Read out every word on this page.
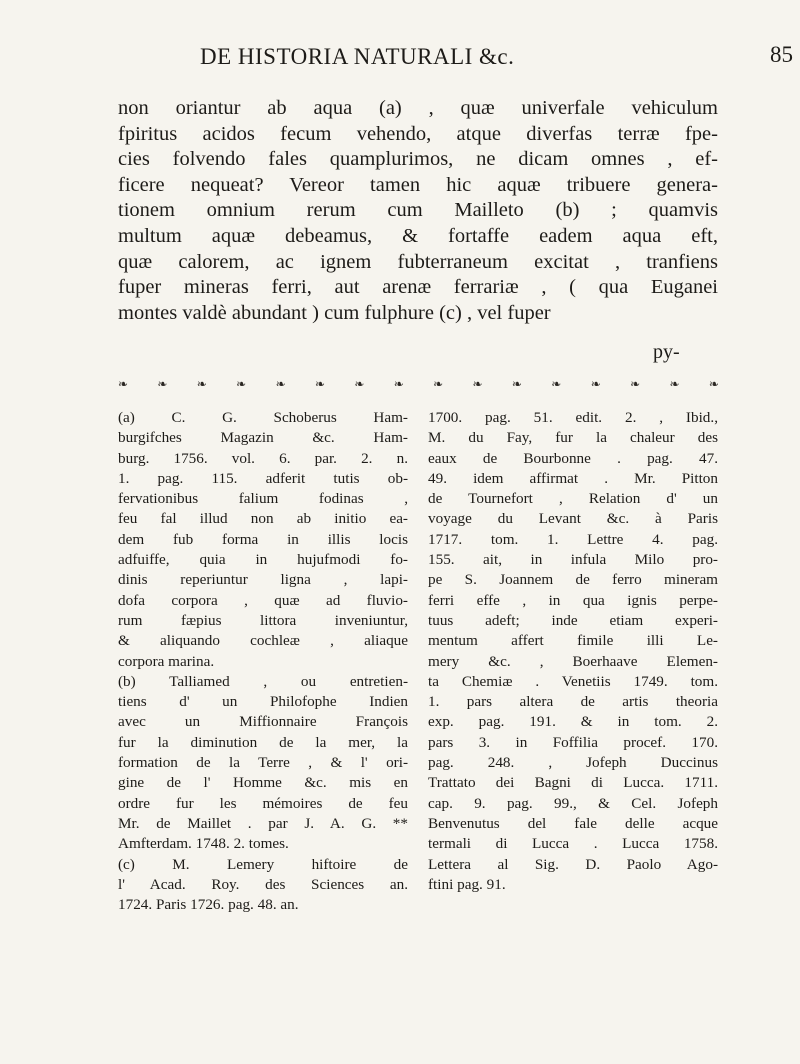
DE HISTORIA NATURALI &c.	85
non oriantur ab aqua (a) , quæ univerfale vehiculum
fpiritus acidos fecum vehendo, atque diverfas terræ fpe-
cies folvendo fales quamplurimos, ne dicam omnes , ef-
ficere nequeat? Vereor tamen hic aquæ tribuere genera-
tionem omnium rerum cum Mailleto (b) ; quamvis
multum aquæ debeamus, & fortaffe eadem aqua eft,
quæ calorem, ac ignem fubterraneum excitat , tranfiens
fuper mineras ferri, aut arenæ ferrariæ , ( qua Euganei
montes valdè abundant ) cum fulphure (c) , vel fuper
py-
❧	❧	❧	❧	❧	❧	❧	❧	❧	❧	❧	❧	❧	❧	❧	❧
(a) C. G. Schoberus Ham-
burgifches Magazin &c. Ham-
burg. 1756. vol. 6. par. 2. n.
1. pag. 115. adferit tutis ob-
fervationibus falium fodinas ,
feu fal illud non ab initio ea-
dem fub forma in illis locis
adfuiffe, quia in hujufmodi fo-
dinis reperiuntur ligna , lapi-
dofa corpora , quæ ad fluvio-
rum fæpius littora inveniuntur,
& aliquando cochleæ , aliaque
corpora marina.
(b) Talliamed , ou entretien-
tiens d' un Philofophe Indien
avec un Miffionnaire François
fur la diminution de la mer, la
formation de la Terre , & l' ori-
gine de l' Homme &c. mis en
ordre fur les mémoires de feu
Mr. de Maillet . par J. A. G. **
Amfterdam. 1748. 2. tomes.
(c) M. Lemery hiftoire de
l' Acad. Roy. des Sciences an.
1724. Paris 1726. pag. 48. an.
1700. pag. 51. edit. 2. , Ibid.,
M. du Fay, fur la chaleur des
eaux de Bourbonne . pag. 47.
49. idem affirmat . Mr. Pitton
de Tournefort , Relation d' un
voyage du Levant &c. à Paris
1717. tom. 1. Lettre 4. pag.
155. ait, in infula Milo pro-
pe S. Joannem de ferro mineram
ferri effe , in qua ignis perpe-
tuus adeft; inde etiam experi-
mentum affert fimile illi Le-
mery &c. , Boerhaave Elemen-
ta Chemiæ . Venetiis 1749. tom.
1. pars altera de artis theoria
exp. pag. 191. & in tom. 2.
pars 3. in Foffilia procef. 170.
pag. 248. , Jofeph Duccinus
Trattato dei Bagni di Lucca. 1711.
cap. 9. pag. 99., & Cel. Jofeph
Benvenutus del fale delle acque
termali di Lucca . Lucca 1758.
Lettera al Sig. D. Paolo Ago-
ftini pag. 91.
